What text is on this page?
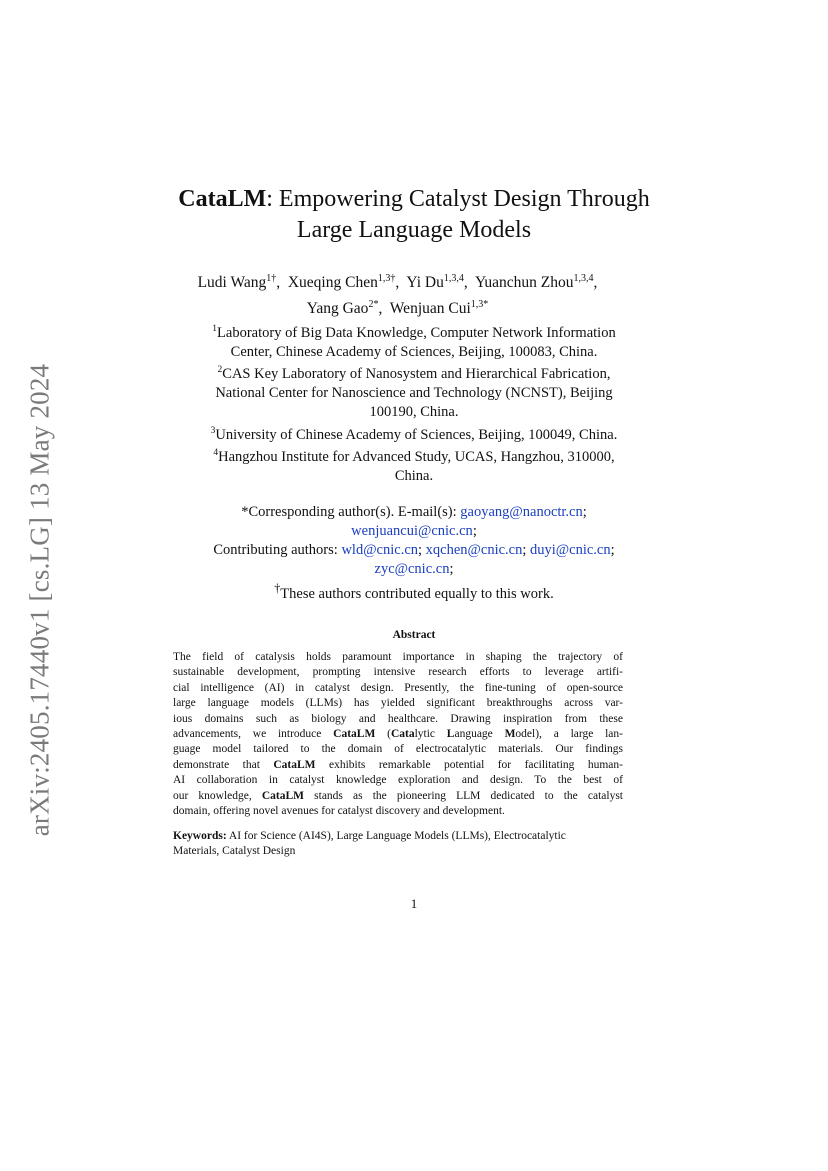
arXiv:2405.17440v1 [cs.LG] 13 May 2024
CataLM: Empowering Catalyst Design Through
Large Language Models
Ludi Wang$^{1\dagger}$, Xueqing Chen$^{1,3\dagger}$, Yi Du$^{1,3,4}$, Yuanchun Zhou$^{1,3,4}$,
Yang Gao$^{2*}$, Wenjuan Cui$^{1,3*}$
$^1$Laboratory of Big Data Knowledge, Computer Network Information
Center, Chinese Academy of Sciences, Beijing, 100083, China.
$^2$CAS Key Laboratory of Nanosystem and Hierarchical Fabrication,
National Center for Nanoscience and Technology (NCNST), Beijing
100190, China.
$^3$University of Chinese Academy of Sciences, Beijing, 100049, China.
$^4$Hangzhou Institute for Advanced Study, UCAS, Hangzhou, 310000,
China.
*Corresponding author(s). E-mail(s): gaoyang@nanoctr.cn;
wenjuancui@cnic.cn;
Contributing authors: wld@cnic.cn; xqchen@cnic.cn; duyi@cnic.cn;
zyc@cnic.cn;
†These authors contributed equally to this work.
Abstract
The field of catalysis holds paramount importance in shaping the trajectory of
sustainable development, prompting intensive research efforts to leverage artifi-
cial intelligence (AI) in catalyst design. Presently, the fine-tuning of open-source
large language models (LLMs) has yielded significant breakthroughs across var-
ious domains such as biology and healthcare. Drawing inspiration from these
advancements, we introduce CataLM (Catalytic Language Model), a large lan-
guage model tailored to the domain of electrocatalytic materials. Our findings
demonstrate that CataLM exhibits remarkable potential for facilitating human-
AI collaboration in catalyst knowledge exploration and design. To the best of
our knowledge, CataLM stands as the pioneering LLM dedicated to the catalyst
domain, offering novel avenues for catalyst discovery and development.
Keywords: AI for Science (AI4S), Large Language Models (LLMs), Electrocatalytic
Materials, Catalyst Design
1
